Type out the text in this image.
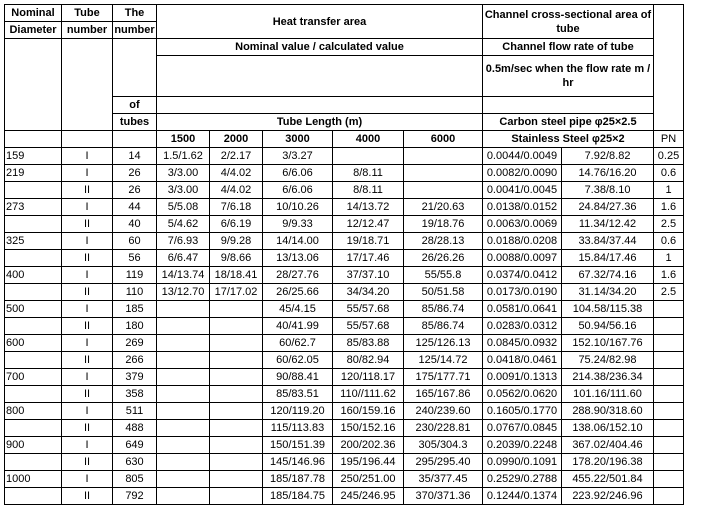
Nominal	Tube	The	Heat transfer area					Channel cross-sectional area of tube		
Diameter	number	number								
			Nominal value / calculated value					Channel flow rate of tube		
								0.5m/sec when the flow rate m / hr		
		of								
		tubes	Tube Length (m)					Carbon steel pipe φ25×2.5		
			1500	2000	3000	4000	6000	Stainless Steel φ25×2		PN
159	I	14	1.5/1.62	2/2.17	3/3.27			0.0044/0.0049	7.92/8.82	0.25
219	I	26	3/3.00	4/4.02	6/6.06	8/8.11		0.0082/0.0090	14.76/16.20	0.6
	II	26	3/3.00	4/4.02	6/6.06	8/8.11		0.0041/0.0045	7.38/8.10	1
273	I	44	5/5.08	7/6.18	10/10.26	14/13.72	21/20.63	0.0138/0.0152	24.84/27.36	1.6
	II	40	5/4.62	6/6.19	9/9.33	12/12.47	19/18.76	0.0063/0.0069	11.34/12.42	2.5
325	I	60	7/6.93	9/9.28	14/14.00	19/18.71	28/28.13	0.0188/0.0208	33.84/37.44	0.6
	II	56	6/6.47	9/8.66	13/13.06	17/17.46	26/26.26	0.0088/0.0097	15.84/17.46	1
400	I	119	14/13.74	18/18.41	28/27.76	37/37.10	55/55.8	0.0374/0.0412	67.32/74.16	1.6
	II	110	13/12.70	17/17.02	26/25.66	34/34.20	50/51.58	0.0173/0.0190	31.14/34.20	2.5
500	I	185			45/4.15	55/57.68	85/86.74	0.0581/0.0641	104.58/115.38	
	II	180			40/41.99	55/57.68	85/86.74	0.0283/0.0312	50.94/56.16	
600	I	269			60/62.7	85/83.88	125/126.13	0.0845/0.0932	152.10/167.76	
	II	266			60/62.05	80/82.94	125/14.72	0.0418/0.0461	75.24/82.98	
700	I	379			90/88.41	120/118.17	175/177.71	0.0091/0.1313	214.38/236.34	
	II	358			85/83.51	110//111.62	165/167.86	0.0562/0.0620	101.16/111.60	
800	I	511			120/119.20	160/159.16	240/239.60	0.1605/0.1770	288.90/318.60	
	II	488			115/113.83	150/152.16	230/228.81	0.0767/0.0845	138.06/152.10	
900	I	649			150/151.39	200/202.36	305/304.3	0.2039/0.2248	367.02/404.46	
	II	630			145/146.96	195/196.44	295/295.40	0.0990/0.1091	178.20/196.38	
1000	I	805			185/187.78	250/251.00	35/377.45	0.2529/0.2788	455.22/501.84	
	II	792			185/184.75	245/246.95	370/371.36	0.1244/0.1374	223.92/246.96	
